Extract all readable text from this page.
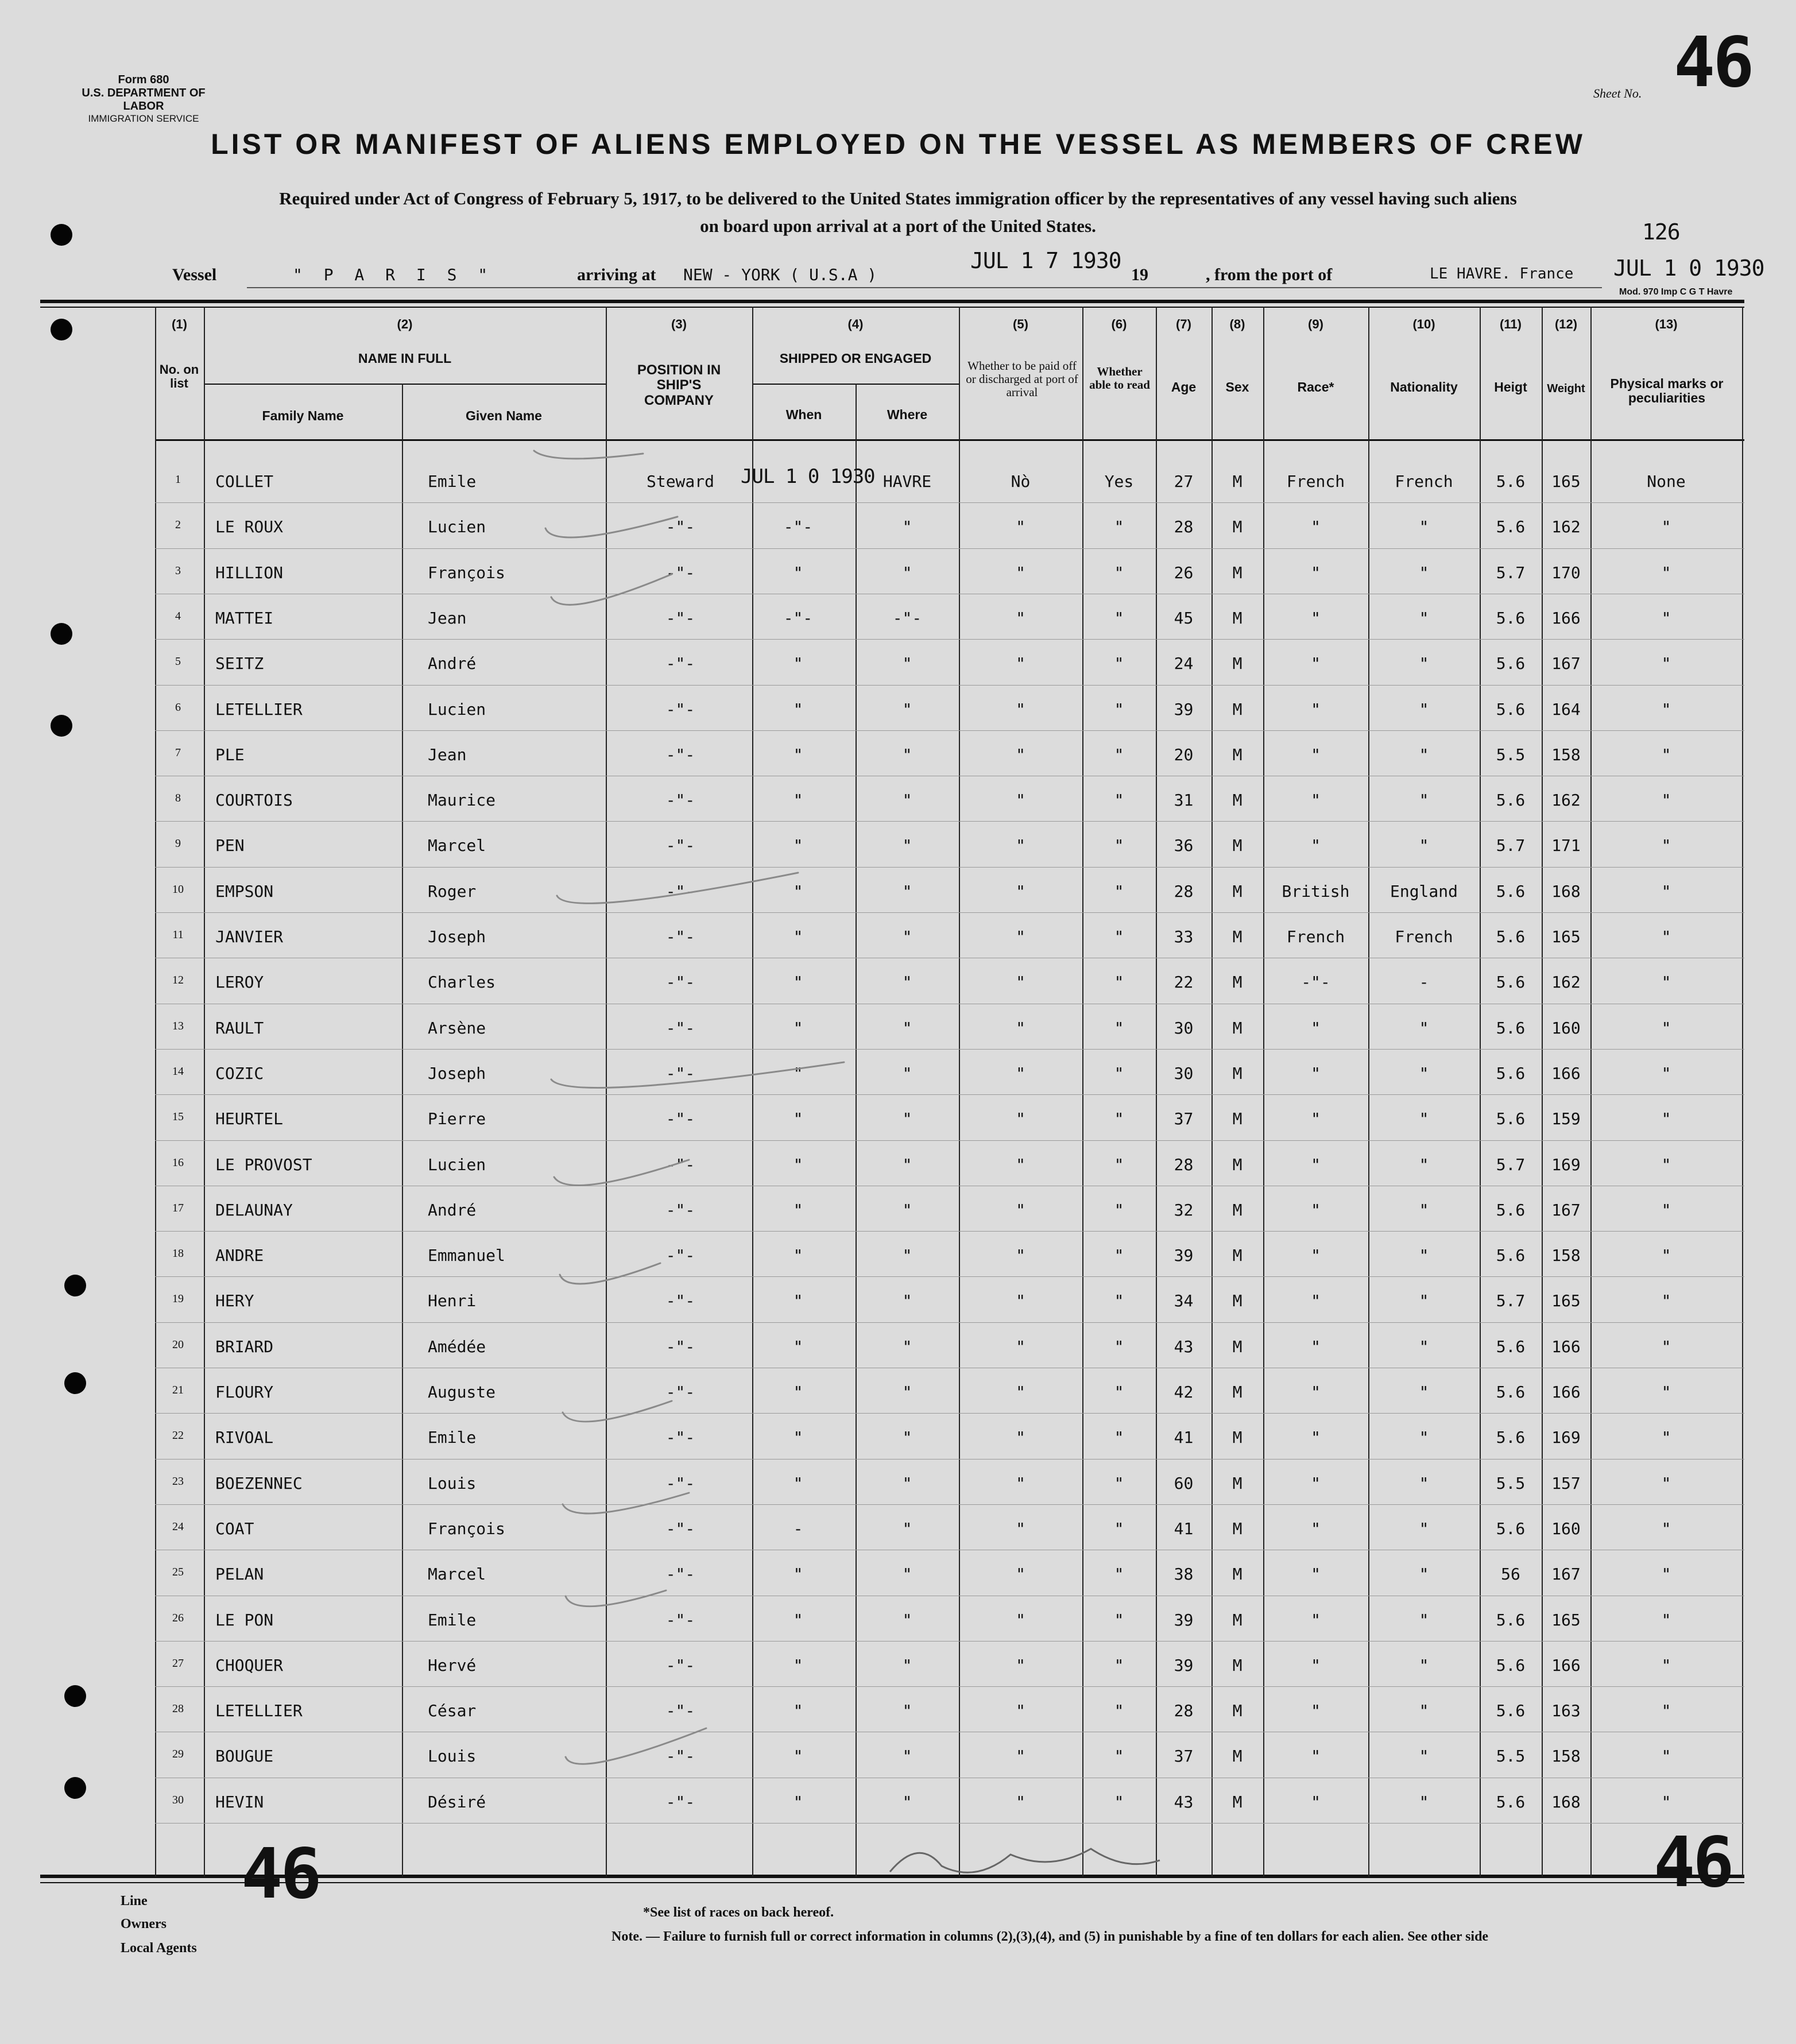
Form 680
U.S. DEPARTMENT OF LABOR
IMMIGRATION SERVICE
Sheet No. 46
LIST OR MANIFEST OF ALIENS EMPLOYED ON THE VESSEL AS MEMBERS OF CREW
Required under Act of Congress of February 5, 1917, to be delivered to the United States immigration officer by the representatives of any vessel having such aliens
on board upon arrival at a port of the United States.	126
Vessel	" P A R I S "	arriving at NEW - YORK ( U.S.A )
JUL 1 7 1930
19	, from the port of	LE HAVRE. France JUL 1 0 1930
Mod. 970 Imp C G T Havre
(1)	(2)	(3)	(4)	(5)	(6)	(7)	(8)	(9)	(10)	(11)	(12)	(13)
No. on list
NAME IN FULL
Family Name	Given Name
POSITION IN SHIP'S COMPANY
SHIPPED OR ENGAGED
When	Where
Whether to be paid off or discharged at port of arrival
Whether able to read	Age	Sex	Race*	Nationality	Heigt	Weight	Physical marks or peculiarities
1	COLLET	Emile	Steward	JUL 1 0 1930 HAVRE	Nò	Yes	27	M	French	French	5.6	165	None
2	LE ROUX	Lucien	-"-	-"-	"	"	"	28	M	"	"	5.6	162	"
3	HILLION	François	-"-	"	"	"	"	26	M	"	"	5.7	170	"
4	MATTEI	Jean	-"-	-"-	-"-	"	"	45	M	"	"	5.6	166	"
5	SEITZ	André	-"-	"	"	"	"	24	M	"	"	5.6	167	"
6	LETELLIER	Lucien	-"-	"	"	"	"	39	M	"	"	5.6	164	"
7	PLE	Jean	-"-	"	"	"	"	20	M	"	"	5.5	158	"
8	COURTOIS	Maurice	-"-	"	"	"	"	31	M	"	"	5.6	162	"
9	PEN	Marcel	-"-	"	"	"	"	36	M	"	"	5.7	171	"
10	EMPSON	Roger	-"-	"	"	"	"	28	M	British	England	5.6	168	"
11	JANVIER	Joseph	-"-	"	"	"	"	33	M	French	French	5.6	165	"
12	LEROY	Charles	-"-	"	"	"	"	22	M	-"-	-	5.6	162	"
13	RAULT	Arsène	-"-	"	"	"	"	30	M	"	"	5.6	160	"
14	COZIC	Joseph	-"-	"	"	"	"	30	M	"	"	5.6	166	"
15	HEURTEL	Pierre	-"-	"	"	"	"	37	M	"	"	5.6	159	"
16	LE PROVOST	Lucien	-"-	"	"	"	"	28	M	"	"	5.7	169	"
17	DELAUNAY	André	-"-	"	"	"	"	32	M	"	"	5.6	167	"
18	ANDRE	Emmanuel	-"-	"	"	"	"	39	M	"	"	5.6	158	"
19	HERY	Henri	-"-	"	"	"	"	34	M	"	"	5.7	165	"
20	BRIARD	Amédée	-"-	"	"	"	"	43	M	"	"	5.6	166	"
21	FLOURY	Auguste	-"-	"	"	"	"	42	M	"	"	5.6	166	"
22	RIVOAL	Emile	-"-	"	"	"	"	41	M	"	"	5.6	169	"
23	BOEZENNEC	Louis	-"-	"	"	"	"	60	M	"	"	5.5	157	"
24	COAT	François	-"-	-	"	"	"	41	M	"	"	5.6	160	"
25	PELAN	Marcel	-"-	"	"	"	"	38	M	"	"	56	167	"
26	LE PON	Emile	-"-	"	"	"	"	39	M	"	"	5.6	165	"
27	CHOQUER	Hervé	-"-	"	"	"	"	39	M	"	"	5.6	166	"
28	LETELLIER	César	-"-	"	"	"	"	28	M	"	"	5.6	163	"
29	BOUGUE	Louis	-"-	"	"	"	"	37	M	"	"	5.5	158	"
30	HEVIN	Désiré	-"-	"	"	"	"	43	M	"	"	5.6	168	"
Line
Owners
Local Agents
46	46
*See list of races on back hereof.
Note. — Failure to furnish full or correct information in columns (2),(3),(4), and (5) in punishable by a fine of ten dollars for each alien. See other side
